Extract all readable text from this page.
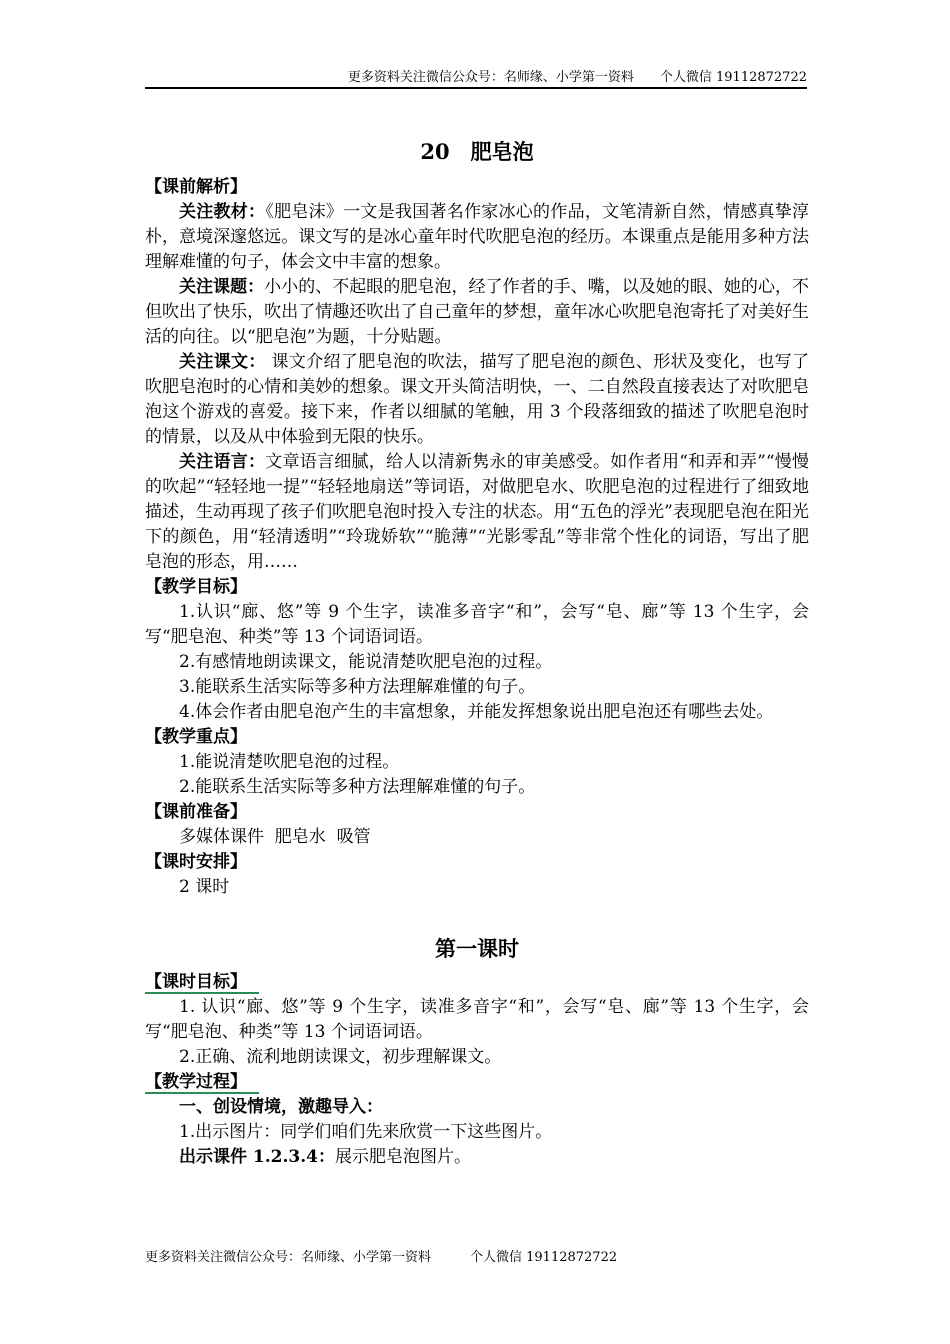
更多资料关注微信公众号：名师缘、小学第一资料　　个人微信 19112872722
20　肥皂泡
【课前解析】
关注教材：《肥皂沫》一文是我国著名作家冰心的作品，文笔清新自然，情感真挚淳朴，意境深邃悠远。课文写的是冰心童年时代吹肥皂泡的经历。本课重点是能用多种方法理解难懂的句子，体会文中丰富的想象。
关注课题：小小的、不起眼的肥皂泡，经了作者的手、嘴，以及她的眼、她的心，不但吹出了快乐，吹出了情趣还吹出了自己童年的梦想，童年冰心吹肥皂泡寄托了对美好生活的向往。以“肥皂泡”为题，十分贴题。
关注课文： 课文介绍了肥皂泡的吹法，描写了肥皂泡的颜色、形状及变化，也写了吹肥皂泡时的心情和美妙的想象。课文开头简洁明快，一、二自然段直接表达了对吹肥皂泡这个游戏的喜爱。接下来，作者以细腻的笔触，用 3 个段落细致的描述了吹肥皂泡时的情景，以及从中体验到无限的快乐。
关注语言：文章语言细腻，给人以清新隽永的审美感受。如作者用“和弄和弄”“慢慢的吹起”“轻轻地一提”“轻轻地扇送”等词语，对做肥皂水、吹肥皂泡的过程进行了细致地描述，生动再现了孩子们吹肥皂泡时投入专注的状态。用“五色的浮光”表现肥皂泡在阳光下的颜色，用“轻清透明”“玲珑娇软”“脆薄”“光影零乱”等非常个性化的词语，写出了肥皂泡的形态，用……
【教学目标】
1.认识“廊、悠”等 9 个生字，读准多音字“和”，会写“皂、廊”等 13 个生字，会写“肥皂泡、种类”等 13 个词语词语。
2.有感情地朗读课文，能说清楚吹肥皂泡的过程。
3.能联系生活实际等多种方法理解难懂的句子。
4.体会作者由肥皂泡产生的丰富想象，并能发挥想象说出肥皂泡还有哪些去处。
【教学重点】
1.能说清楚吹肥皂泡的过程。
2.能联系生活实际等多种方法理解难懂的句子。
【课前准备】
多媒体课件  肥皂水  吸管
【课时安排】
2 课时
第一课时
【课时目标】
1. 认识“廊、悠”等 9 个生字，读准多音字“和”，会写“皂、廊”等 13 个生字，会写“肥皂泡、种类”等 13 个词语词语。
2.正确、流利地朗读课文，初步理解课文。
【教学过程】
一、创设情境，激趣导入：
1.出示图片：同学们咱们先来欣赏一下这些图片。
出示课件 1.2.3.4：展示肥皂泡图片。
更多资料关注微信公众号：名师缘、小学第一资料　　　个人微信 19112872722
